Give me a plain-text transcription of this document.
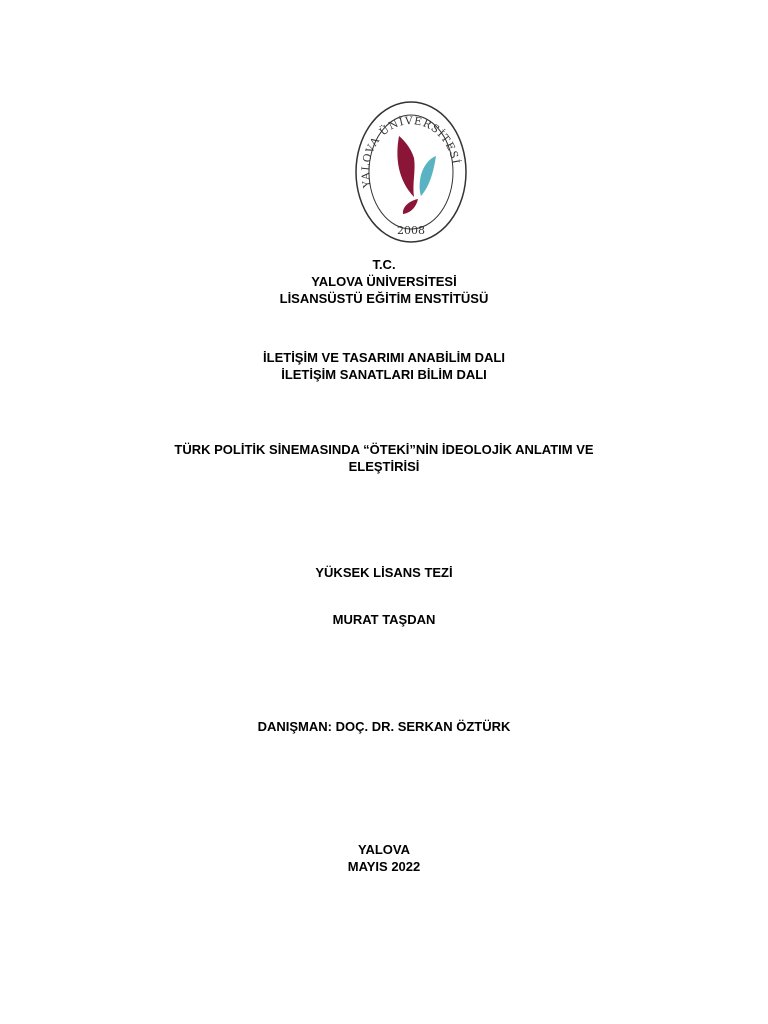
YALOVA ÜNİVERSİTESİ
2008
T.C.
YALOVA ÜNİVERSİTESİ
LİSANSÜSTÜ EĞİTİM ENSTİTÜSÜ
İLETİŞİM VE TASARIMI ANABİLİM DALI
İLETİŞİM SANATLARI BİLİM DALI
TÜRK POLİTİK SİNEMASINDA “ÖTEKİ”NİN İDEOLOJİK ANLATIM VE
ELEŞTİRİSİ
YÜKSEK LİSANS TEZİ
MURAT TAŞDAN
DANIŞMAN: DOÇ. DR. SERKAN ÖZTÜRK
YALOVA
MAYIS 2022
